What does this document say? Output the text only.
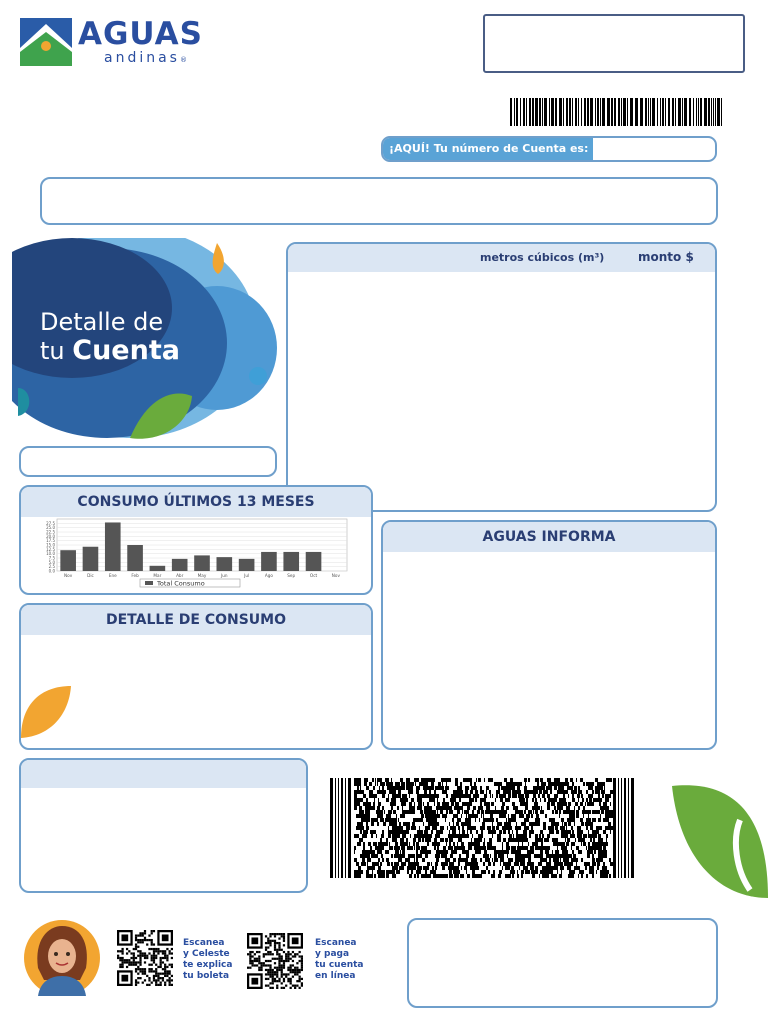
AGUAS
andinas®
¡AQUÍ! Tu número de Cuenta es:
Detalle de
tu Cuenta
metros cúbicos (m³)	monto $
CONSUMO ÚLTIMOS 13 MESES
0.0
2.5
5.0
7.5
10.0
12.5
15.0
17.5
20.0
22.5
25.0
27.5
Nov	Dic	Ene	Feb	Mar	Abr	May	Jun	Jul	Ago	Sep	Oct	Nov
Total Consumo
DETALLE DE CONSUMO
AGUAS INFORMA
Escanea
y Celeste
te explica
tu boleta
Escanea
y paga
tu cuenta
en línea
